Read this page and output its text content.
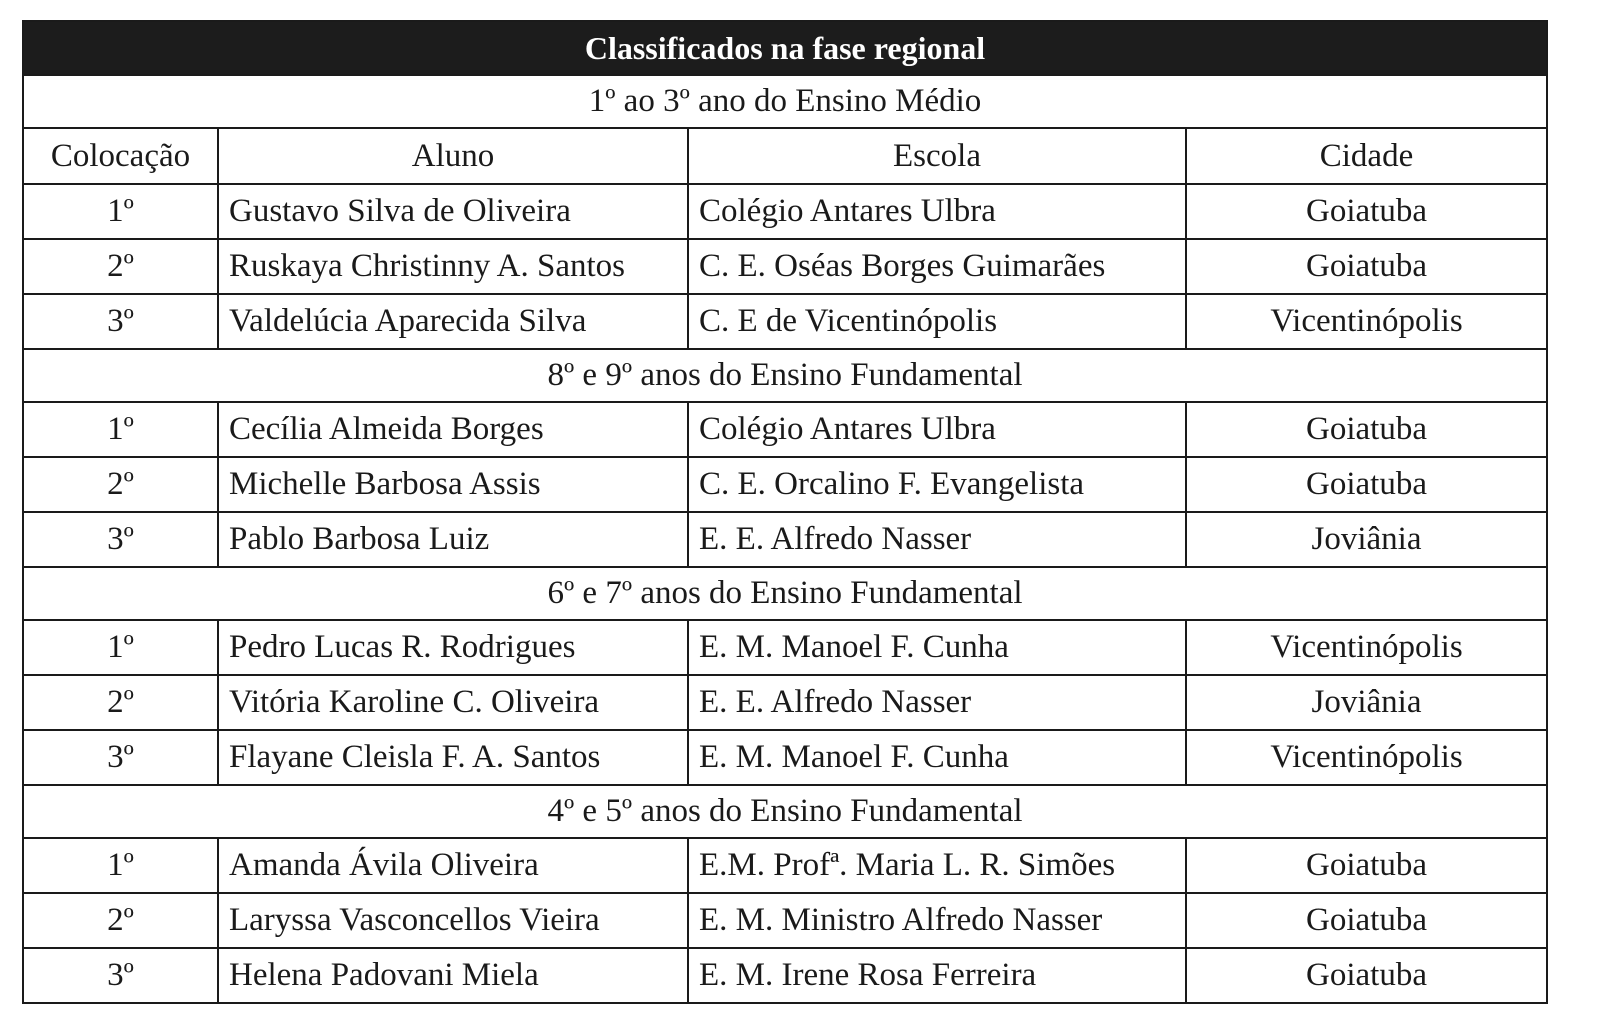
Classificados na fase regional			
1º ao 3º ano do Ensino Médio			
Colocação	Aluno	Escola	Cidade
1º	Gustavo Silva de Oliveira	Colégio Antares Ulbra	Goiatuba
2º	Ruskaya Christinny A. Santos	C. E. Oséas Borges Guimarães	Goiatuba
3º	Valdelúcia Aparecida Silva	C. E de Vicentinópolis	Vicentinópolis
8º e 9º anos do Ensino Fundamental			
1º	Cecília Almeida Borges	Colégio Antares Ulbra	Goiatuba
2º	Michelle Barbosa Assis	C. E. Orcalino F. Evangelista	Goiatuba
3º	Pablo Barbosa Luiz	E. E. Alfredo Nasser	Joviânia
6º e 7º anos do Ensino Fundamental			
1º	Pedro Lucas R. Rodrigues	E. M. Manoel F. Cunha	Vicentinópolis
2º	Vitória Karoline C. Oliveira	E. E. Alfredo Nasser	Joviânia
3º	Flayane Cleisla F. A. Santos	E. M. Manoel F. Cunha	Vicentinópolis
4º e 5º anos do Ensino Fundamental			
1º	Amanda Ávila Oliveira	E.M. Profª. Maria L. R. Simões	Goiatuba
2º	Laryssa Vasconcellos Vieira	E. M. Ministro Alfredo Nasser	Goiatuba
3º	Helena Padovani Miela	E. M. Irene Rosa Ferreira	Goiatuba
